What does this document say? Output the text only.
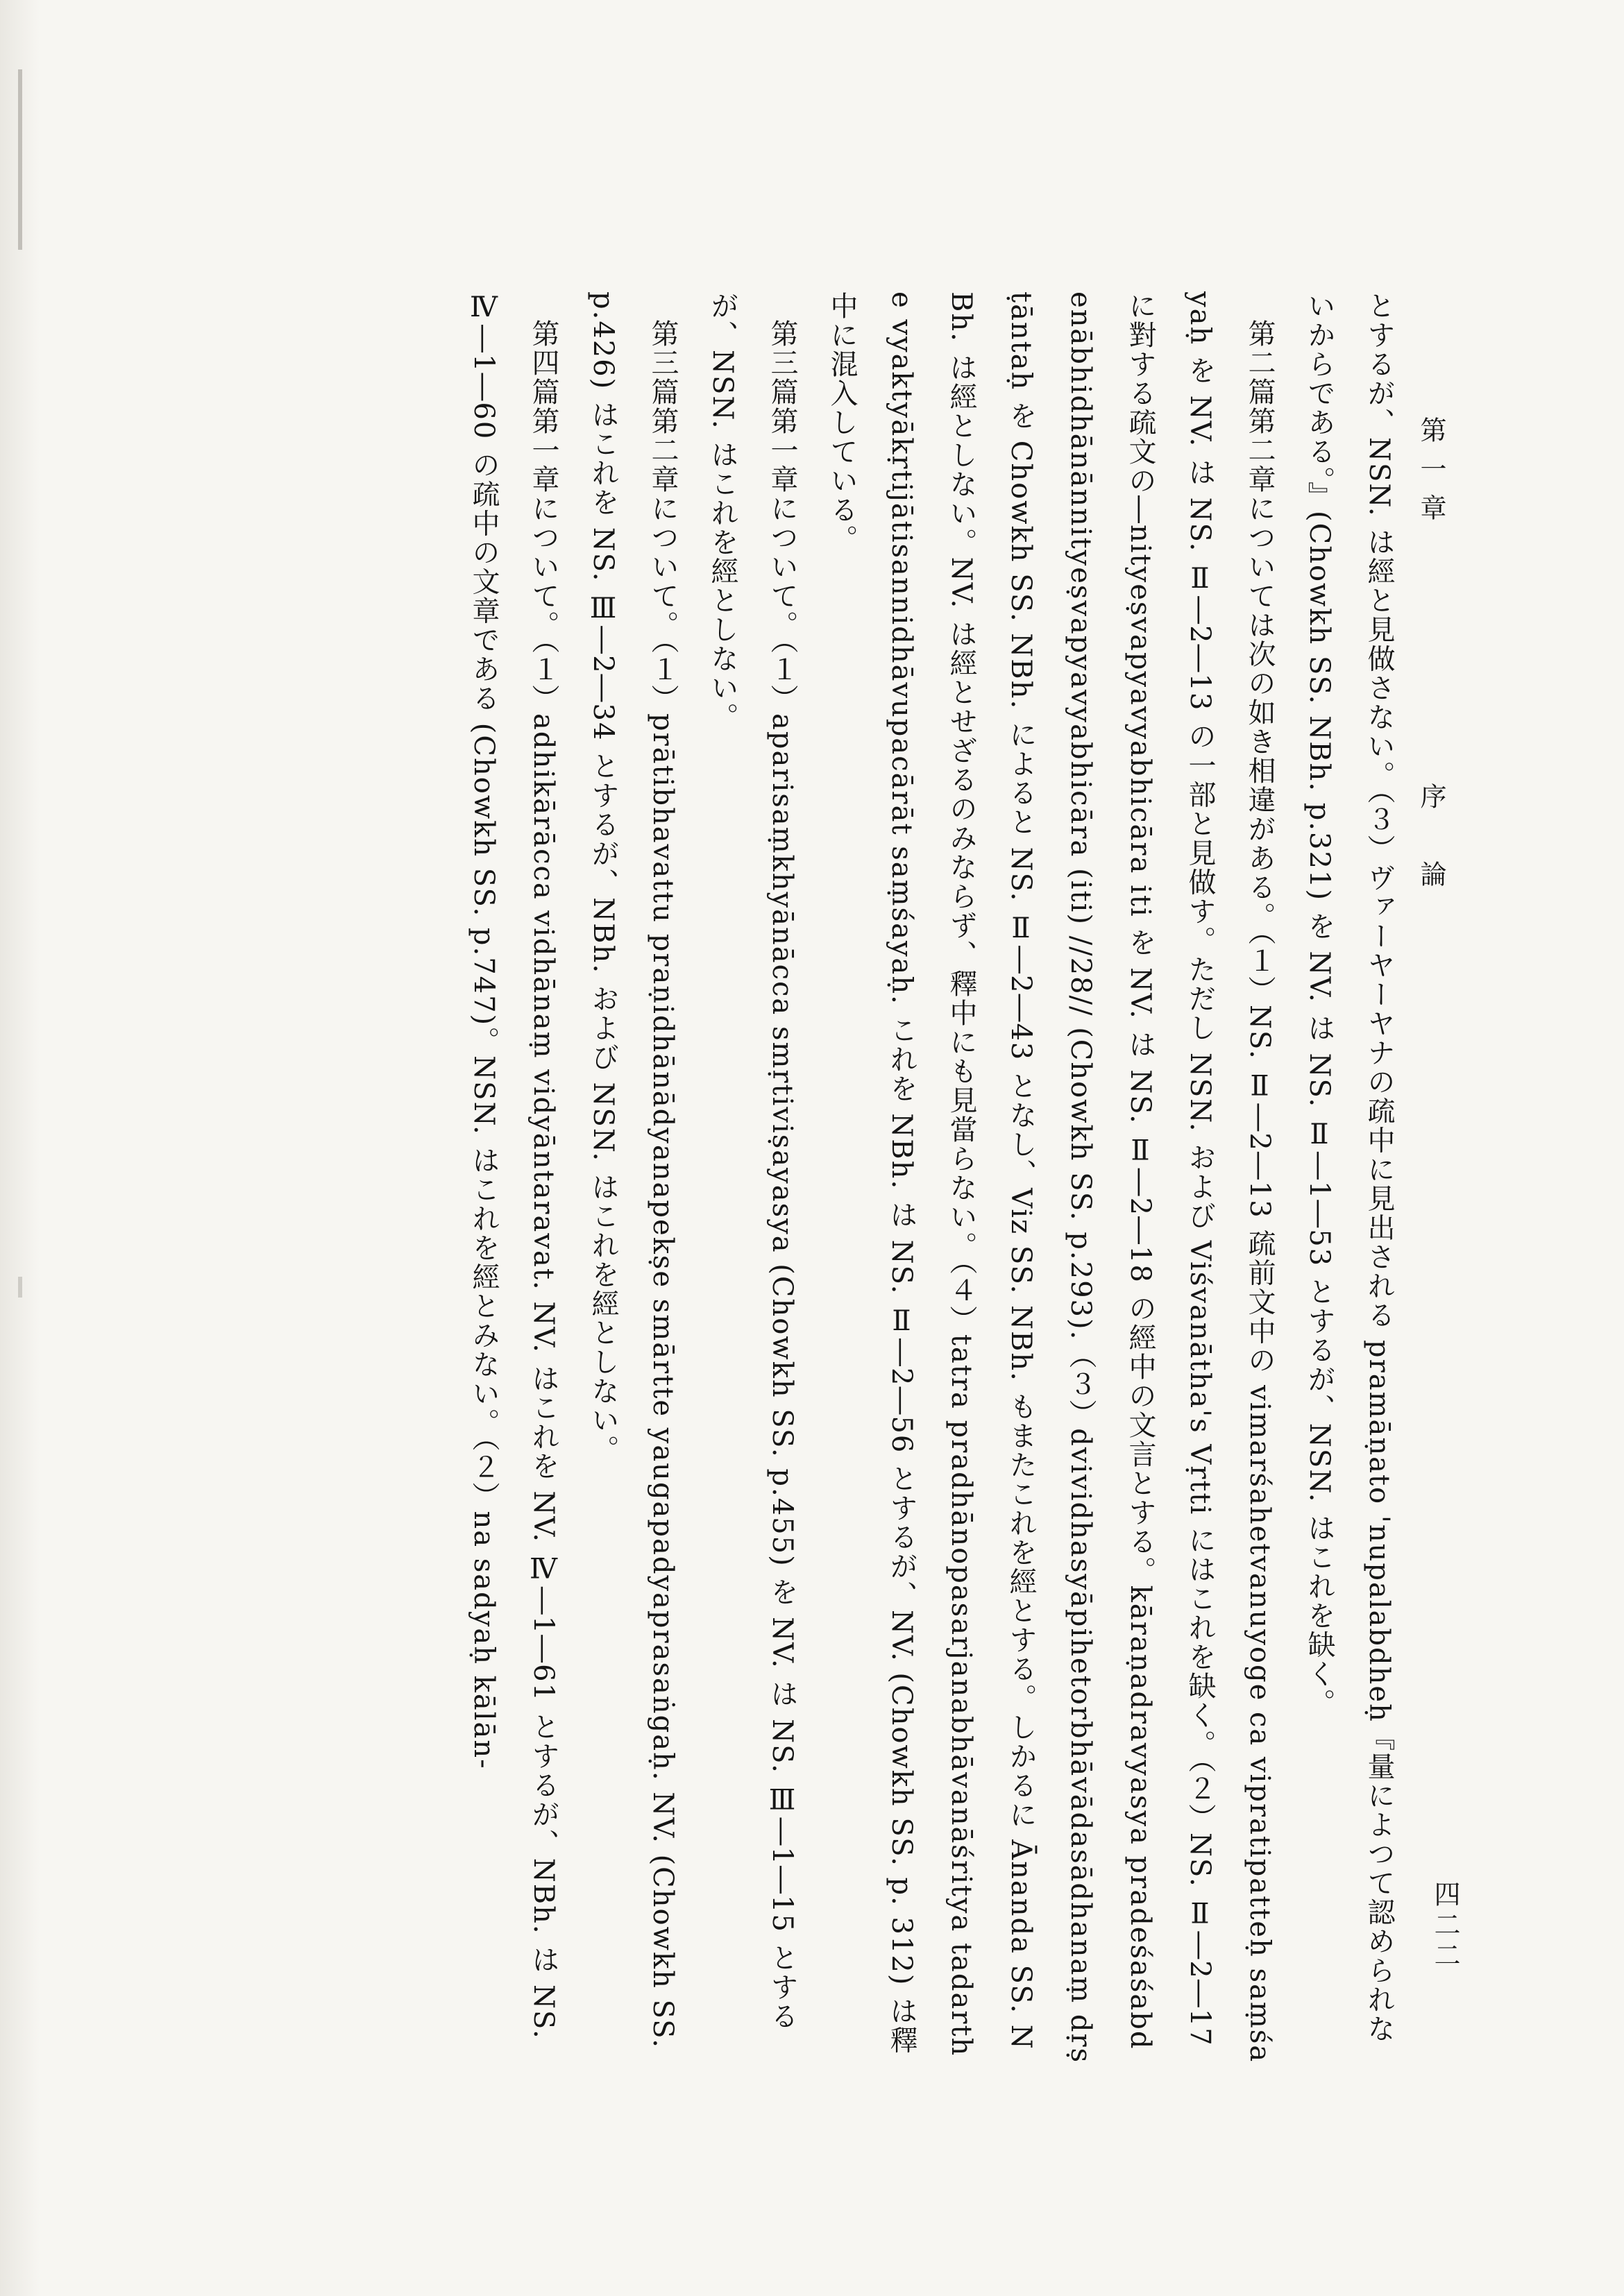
第一章 序　論
四二二

とするが、NSN. は經と見做さない。（３）ヴァーヤーヤナの疏中に見出される pramāṇato 'nupalabdheḥ『量によつて認められないからである。』(Chowkh SS. NBh. p.321) を NV. は NS. Ⅱ―1―53 とするが、NSN. はこれを缺く。

第二篇第二章については次の如き相違がある。（１）NS. Ⅱ―2―13 疏前文中の vimarśahetvanuyoge ca vipratipatteḥ saṃśayaḥ を NV. は NS. Ⅱ―2―13 の一部と見做す。ただし NSN. および Viśvanātha's Vṛtti にはこれを缺く。（２）NS. Ⅱ―2―17 に對する疏文の―nityeṣvapyavyabhicāra iti を NV. は NS. Ⅱ―2―18 の經中の文言とする。kāraṇadravyasya pradeśaśabdenābhidhānānnityeṣvapyavyabhicāra (iti) //28// (Chowkh SS. p.293).（３）dvividhasyāpihetorbhāvādasādhanaṃ dṛṣṭāntaḥ を Chowkh SS. NBh. によると NS. Ⅱ―2―43 となし、Viz SS. NBh. もまたこれを經とする。しかるに Ānanda SS. NBh. は經としない。NV. は經とせざるのみならず、釋中にも見當らない。（４）tatra pradhānopasarjanabhāvanāśritya tadarthe vyaktyākṛtijātisannidhāvupacārāt saṃśayaḥ. これを NBh. は NS. Ⅱ―2―56 とするが、NV. (Chowkh SS. p. 312) は釋中に混入している。

第三篇第一章について。（１）aparisaṃkhyānācca smṛtiviṣayasya (Chowkh SS. p.455) を NV. は NS. Ⅲ―1―15 とするが、NSN. はこれを經としない。

第三篇第二章について。（１）prātibhavattu praṇidhānādyanapekṣe smārtte yaugapadyaprasaṅgaḥ. NV. (Chowkh SS. p.426) はこれを NS. Ⅲ―2―34 とするが、NBh. および NSN. はこれを經としない。

第四篇第一章について。（１）adhikārācca vidhānaṃ vidyāntaravat. NV. はこれを NV. Ⅳ―1―61 とするが、NBh. は NS. Ⅳ―1―60 の疏中の文章である (Chowkh SS. p.747)。NSN. はこれを經とみない。（２）na sadyaḥ kālān-
